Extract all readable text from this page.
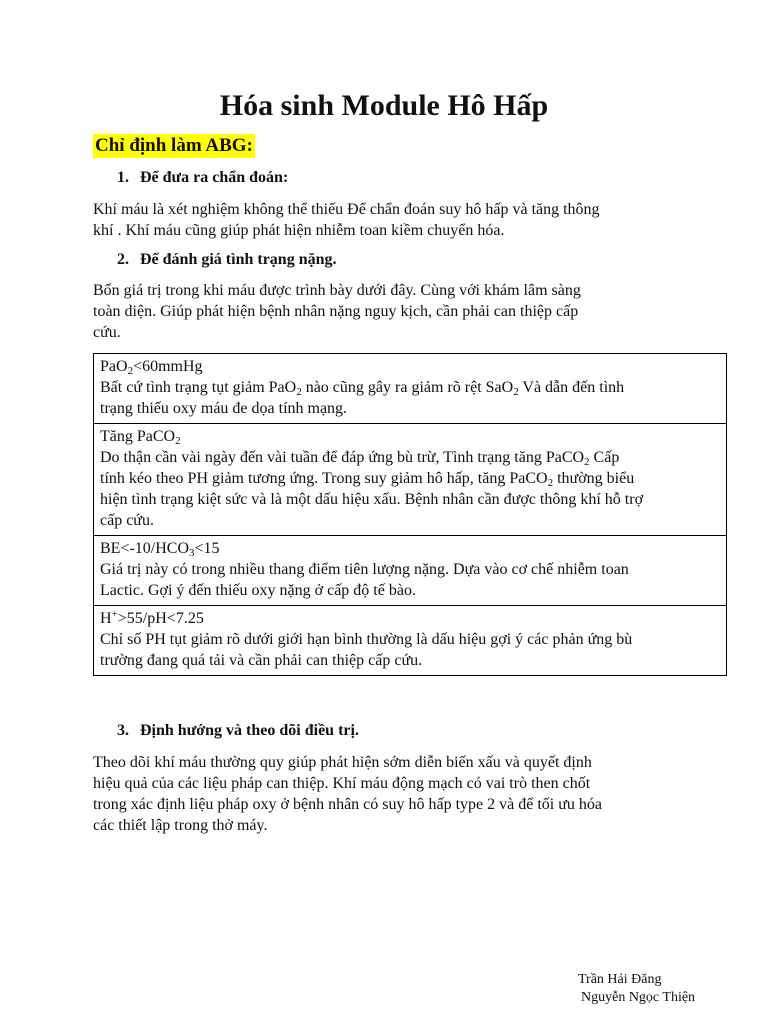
Hóa sinh Module Hô Hấp
Chỉ định làm ABG:
1. Để đưa ra chẩn đoán:
Khí máu là xét nghiệm không thể thiếu Để chẩn đoán suy hô hấp và tăng thông
khí . Khí máu cũng giúp phát hiện nhiễm toan kiềm chuyển hóa.
2. Để đánh giá tình trạng nặng.
Bốn giá trị trong khi máu được trình bày dưới đây. Cùng với khám lâm sàng
toàn diện. Giúp phát hiện bệnh nhân nặng nguy kịch, cần phải can thiệp cấp
cứu.
PaO$_2$<60mmHg
Bất cứ tình trạng tụt giảm PaO$_2$ nào cũng gây ra giảm rõ rệt SaO$_2$ Và dẫn đến tình
trạng thiếu oxy máu đe dọa tính mạng.

Tăng PaCO$_2$
Do thận cần vài ngày đến vài tuần để đáp ứng bù trừ, Tình trạng tăng PaCO$_2$ Cấp
tính kéo theo PH giảm tương ứng. Trong suy giảm hô hấp, tăng PaCO$_2$ thường biểu
hiện tình trạng kiệt sức và là một dấu hiệu xấu. Bệnh nhân cần được thông khí hỗ trợ
cấp cứu.

$BE<-10/HCO_3<15$
Giá trị này có trong nhiều thang điểm tiên lượng nặng. Dựa vào cơ chế nhiễm toan
Lactic. Gợi ý đến thiếu oxy nặng ở cấp độ tế bào.

H+>55/pH<7.25
Chỉ số PH tụt giảm rõ dưới giới hạn bình thường là dấu hiệu gợi ý các phản ứng bù
trường đang quá tải và cần phải can thiệp cấp cứu.
3. Định hướng và theo dõi điều trị.
Theo dõi khí máu thường quy giúp phát hiện sớm diễn biến xấu và quyết định
hiệu quả của các liệu pháp can thiệp. Khí máu động mạch có vai trò then chốt
trong xác định liệu pháp oxy ở bệnh nhân có suy hô hấp type 2 và để tối ưu hóa
các thiết lập trong thở máy.
Trần Hải Đăng
Nguyễn Ngọc Thiện
